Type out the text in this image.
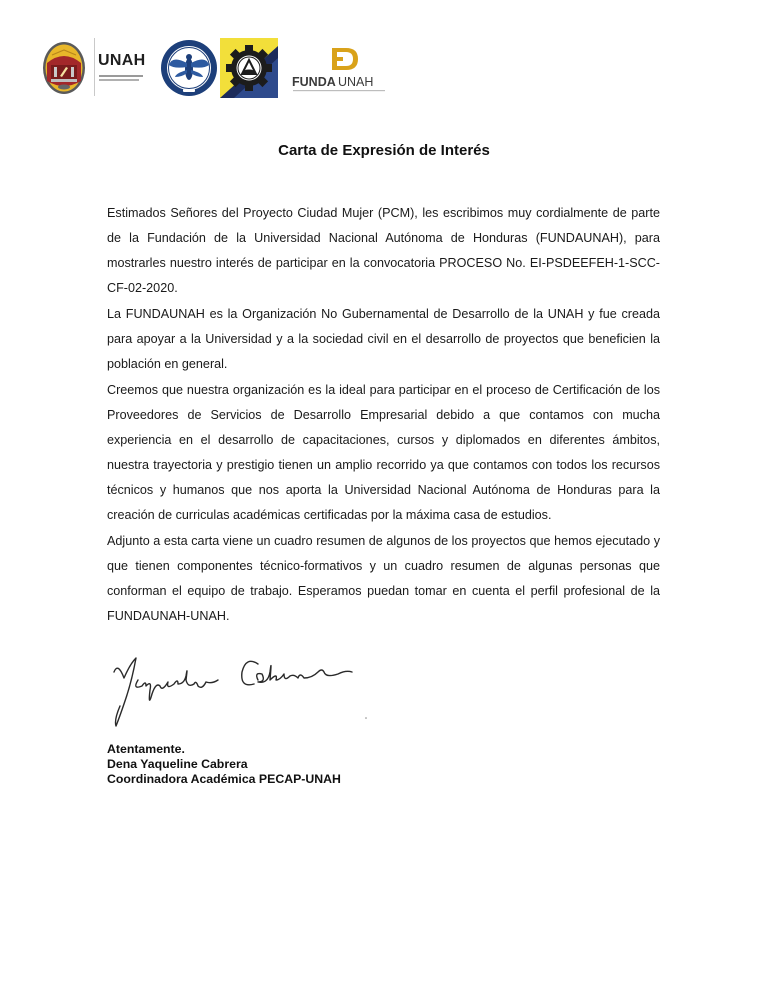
UNAH
FUNDA UNAH
Carta de Expresión de Interés

Estimados Señores del Proyecto Ciudad Mujer (PCM), les escribimos muy cordialmente de parte de la Fundación de la Universidad Nacional Autónoma de Honduras (FUNDAUNAH), para mostrarles nuestro interés de participar en la convocatoria PROCESO No. EI-PSDEEFEH-1-SCC-CF-02-2020.

La FUNDAUNAH es la Organización No Gubernamental de Desarrollo de la UNAH y fue creada para apoyar a la Universidad y a la sociedad civil en el desarrollo de proyectos que beneficien la población en general.

Creemos que nuestra organización es la ideal para participar en el proceso de Certificación de los Proveedores de Servicios de Desarrollo Empresarial debido a que contamos con mucha experiencia en el desarrollo de capacitaciones, cursos y diplomados en diferentes ámbitos, nuestra trayectoria y prestigio tienen un amplio recorrido ya que contamos con todos los recursos técnicos y humanos que nos aporta la Universidad Nacional Autónoma de Honduras para la creación de curriculas académicas certificadas por la máxima casa de estudios.

Adjunto a esta carta viene un cuadro resumen de algunos de los proyectos que hemos ejecutado y que tienen componentes técnico-formativos y un cuadro resumen de algunas personas que conforman el equipo de trabajo. Esperamos puedan tomar en cuenta el perfil profesional de la FUNDAUNAH-UNAH.

Atentamente.
Dena Yaqueline Cabrera
Coordinadora Académica PECAP-UNAH
